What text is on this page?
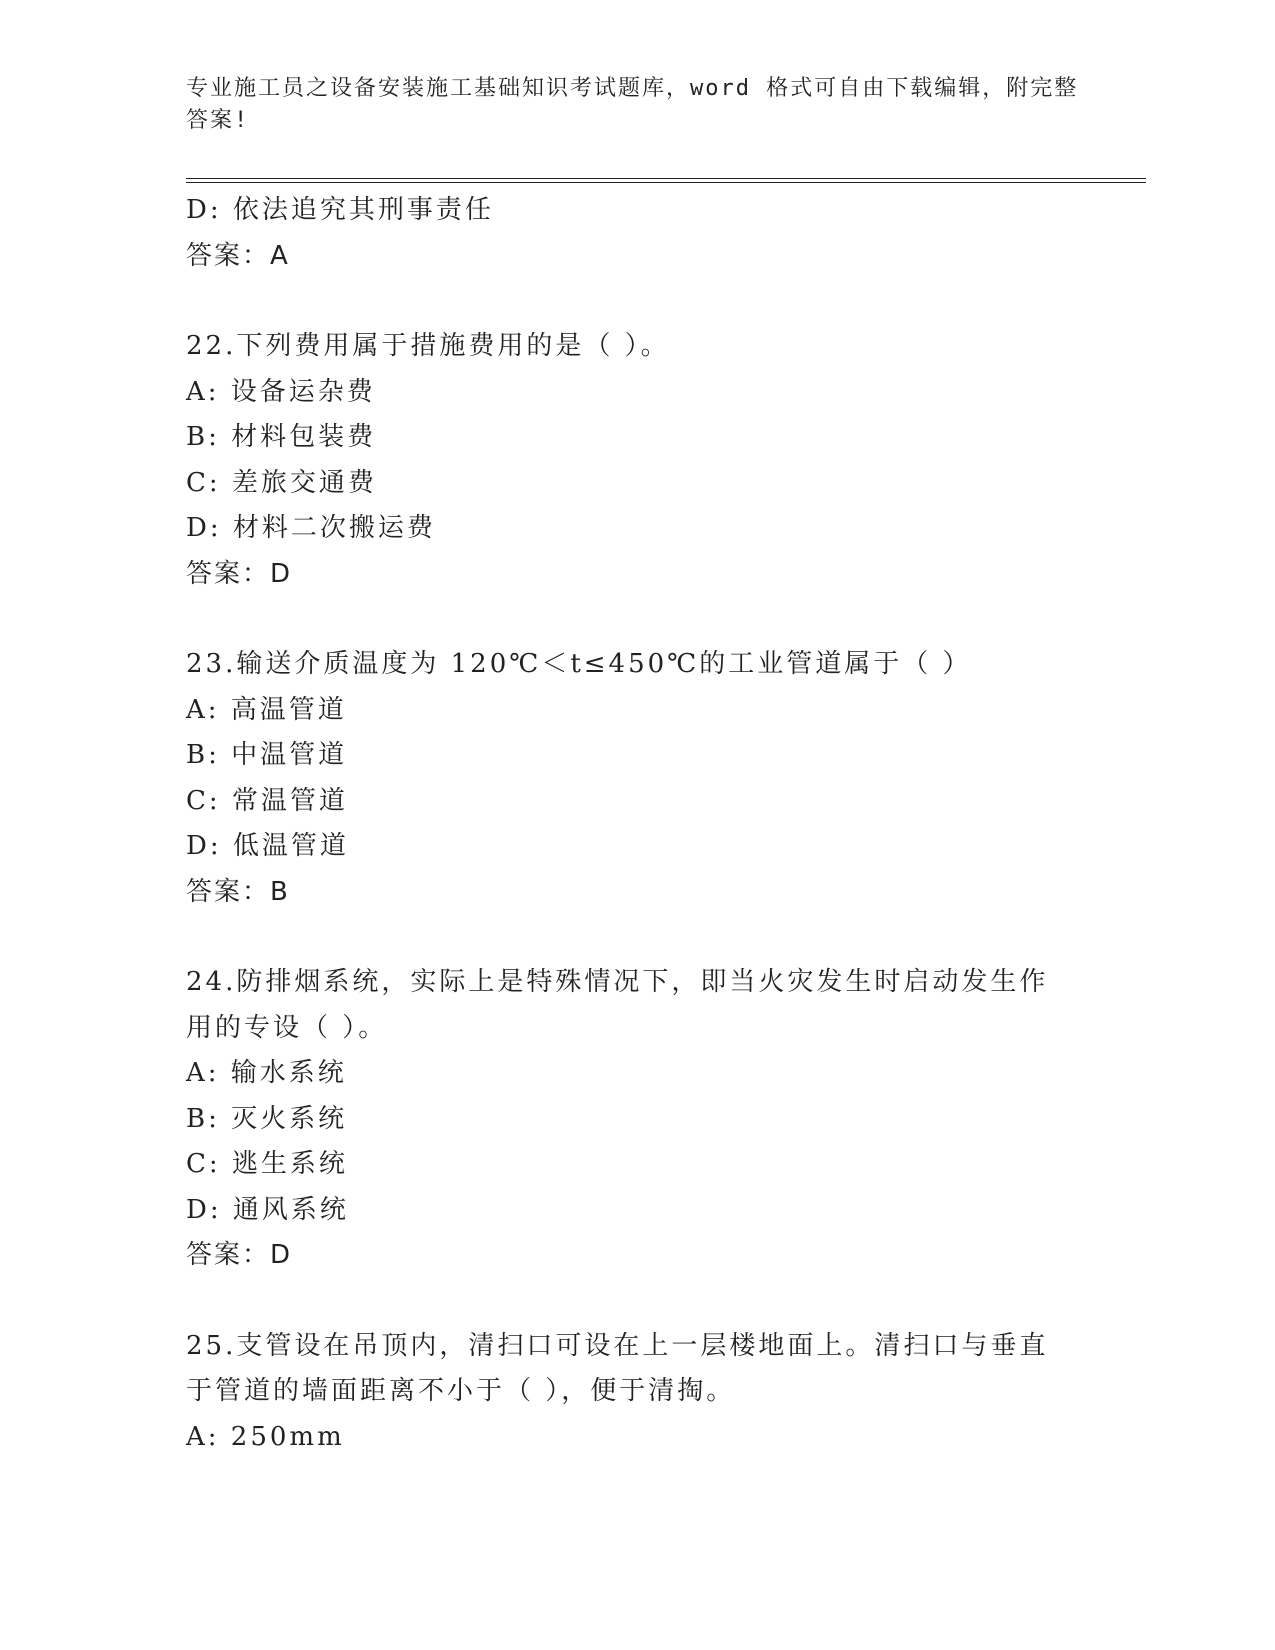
专业施工员之设备安装施工基础知识考试题库，word 格式可自由下载编辑，附完整答案!
D: 依法追究其刑事责任
答案：A
22.下列费用属于措施费用的是（ ）。
A: 设备运杂费
B: 材料包装费
C: 差旅交通费
D: 材料二次搬运费
答案：D
23.输送介质温度为 120℃＜t≤450℃的工业管道属于（ ）
A: 高温管道
B: 中温管道
C: 常温管道
D: 低温管道
答案：B
24.防排烟系统，实际上是特殊情况下，即当火灾发生时启动发生作用的专设（ ）。
A: 输水系统
B: 灭火系统
C: 逃生系统
D: 通风系统
答案：D
25.支管设在吊顶内，清扫口可设在上一层楼地面上。清扫口与垂直于管道的墙面距离不小于（ ），便于清掏。
A: 250mm
